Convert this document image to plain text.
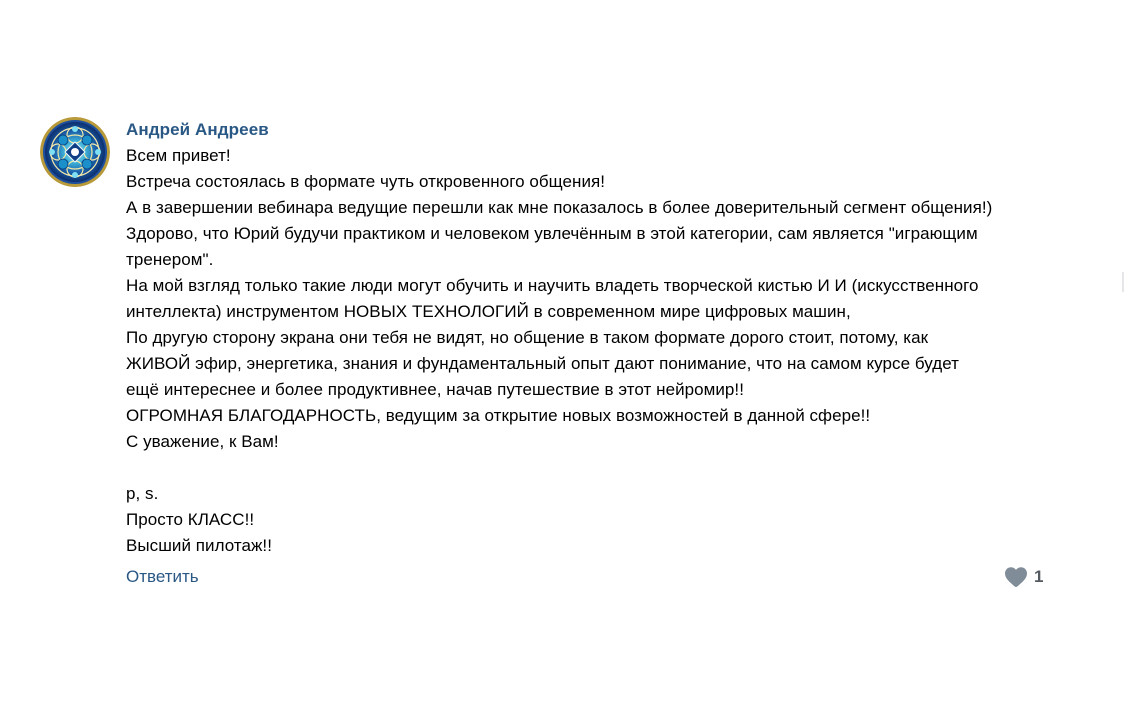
Андрей Андреев
Всем привет!
Встреча состоялась в формате чуть откровенного общения!
А в завершении вебинара ведущие перешли как мне показалось в более доверительный сегмент общения!)
Здорово, что Юрий будучи практиком и человеком увлечённым в этой категории, сам является "играющим
тренером".
На мой взгляд только такие люди могут обучить и научить владеть творческой кистью И И (искусственного
интеллекта) инструментом НОВЫХ ТЕХНОЛОГИЙ в современном мире цифровых машин,
По другую сторону экрана они тебя не видят, но общение в таком формате дорого стоит, потому, как
ЖИВОЙ эфир, энергетика, знания и фундаментальный опыт дают понимание, что на самом курсе будет
ещё интереснее и более продуктивнее, начав путешествие в этот нейромир!!
ОГРОМНАЯ БЛАГОДАРНОСТЬ, ведущим за открытие новых возможностей в данной сфере!!
С уважение, к Вам!
p, s.
Просто КЛАСС!!
Высший пилотаж!!
Ответить	1
